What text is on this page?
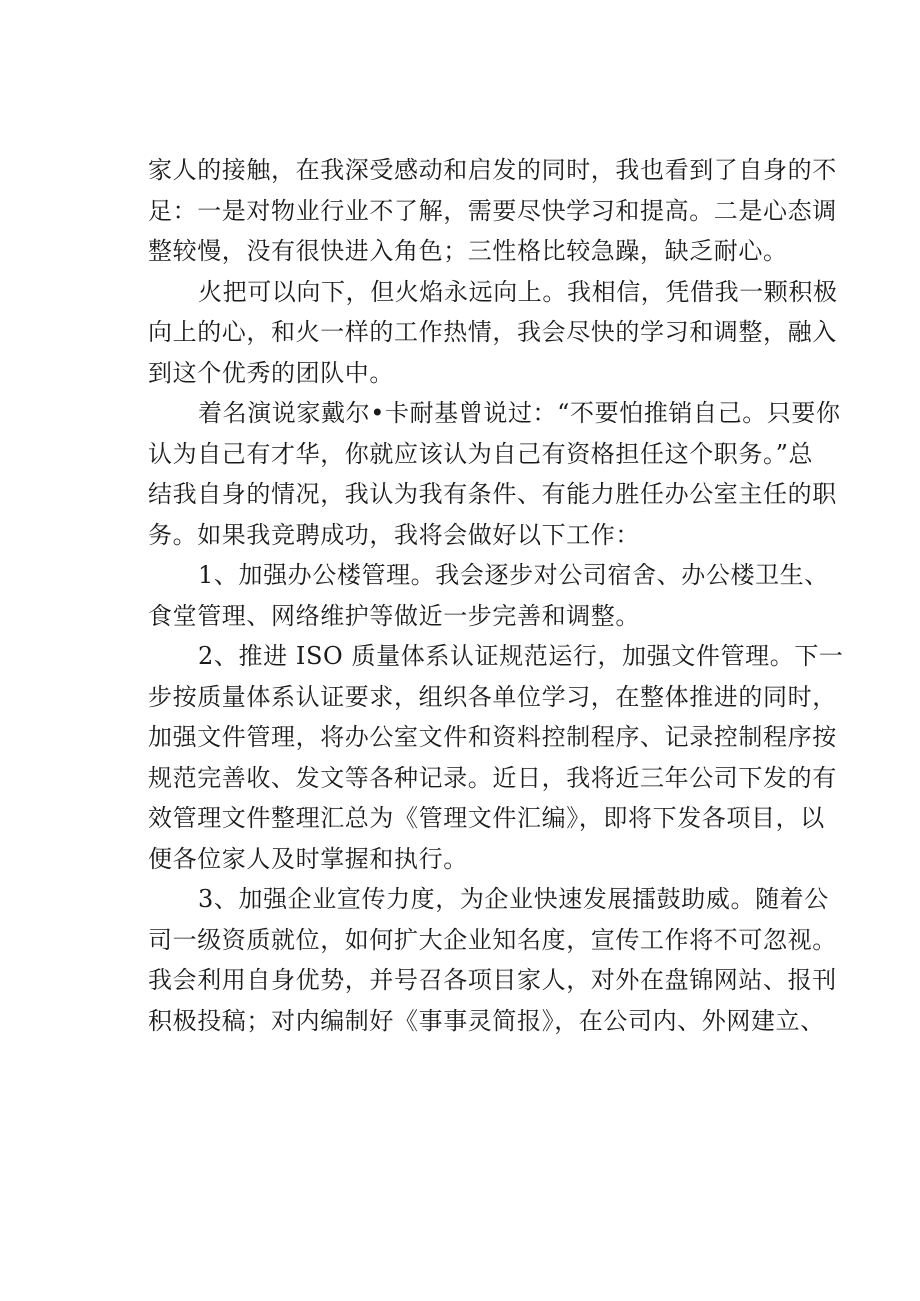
家人的接触，在我深受感动和启发的同时，我也看到了自身的不
足：一是对物业行业不了解，需要尽快学习和提高。二是心态调
整较慢，没有很快进入角色；三性格比较急躁，缺乏耐心。
火把可以向下，但火焰永远向上。我相信，凭借我一颗积极
向上的心，和火一样的工作热情，我会尽快的学习和调整，融入
到这个优秀的团队中。
着名演说家戴尔•卡耐基曾说过：“不要怕推销自己。只要你
认为自己有才华，你就应该认为自己有资格担任这个职务。”总
结我自身的情况，我认为我有条件、有能力胜任办公室主任的职
务。如果我竞聘成功，我将会做好以下工作：
1、加强办公楼管理。我会逐步对公司宿舍、办公楼卫生、
食堂管理、网络维护等做近一步完善和调整。
2、推进 ISO 质量体系认证规范运行，加强文件管理。下一
步按质量体系认证要求，组织各单位学习，在整体推进的同时，
加强文件管理，将办公室文件和资料控制程序、记录控制程序按
规范完善收、发文等各种记录。近日，我将近三年公司下发的有
效管理文件整理汇总为《管理文件汇编》，即将下发各项目，以
便各位家人及时掌握和执行。
3、加强企业宣传力度，为企业快速发展擂鼓助威。随着公
司一级资质就位，如何扩大企业知名度，宣传工作将不可忽视。
我会利用自身优势，并号召各项目家人，对外在盘锦网站、报刊
积极投稿；对内编制好《事事灵简报》，在公司内、外网建立、
